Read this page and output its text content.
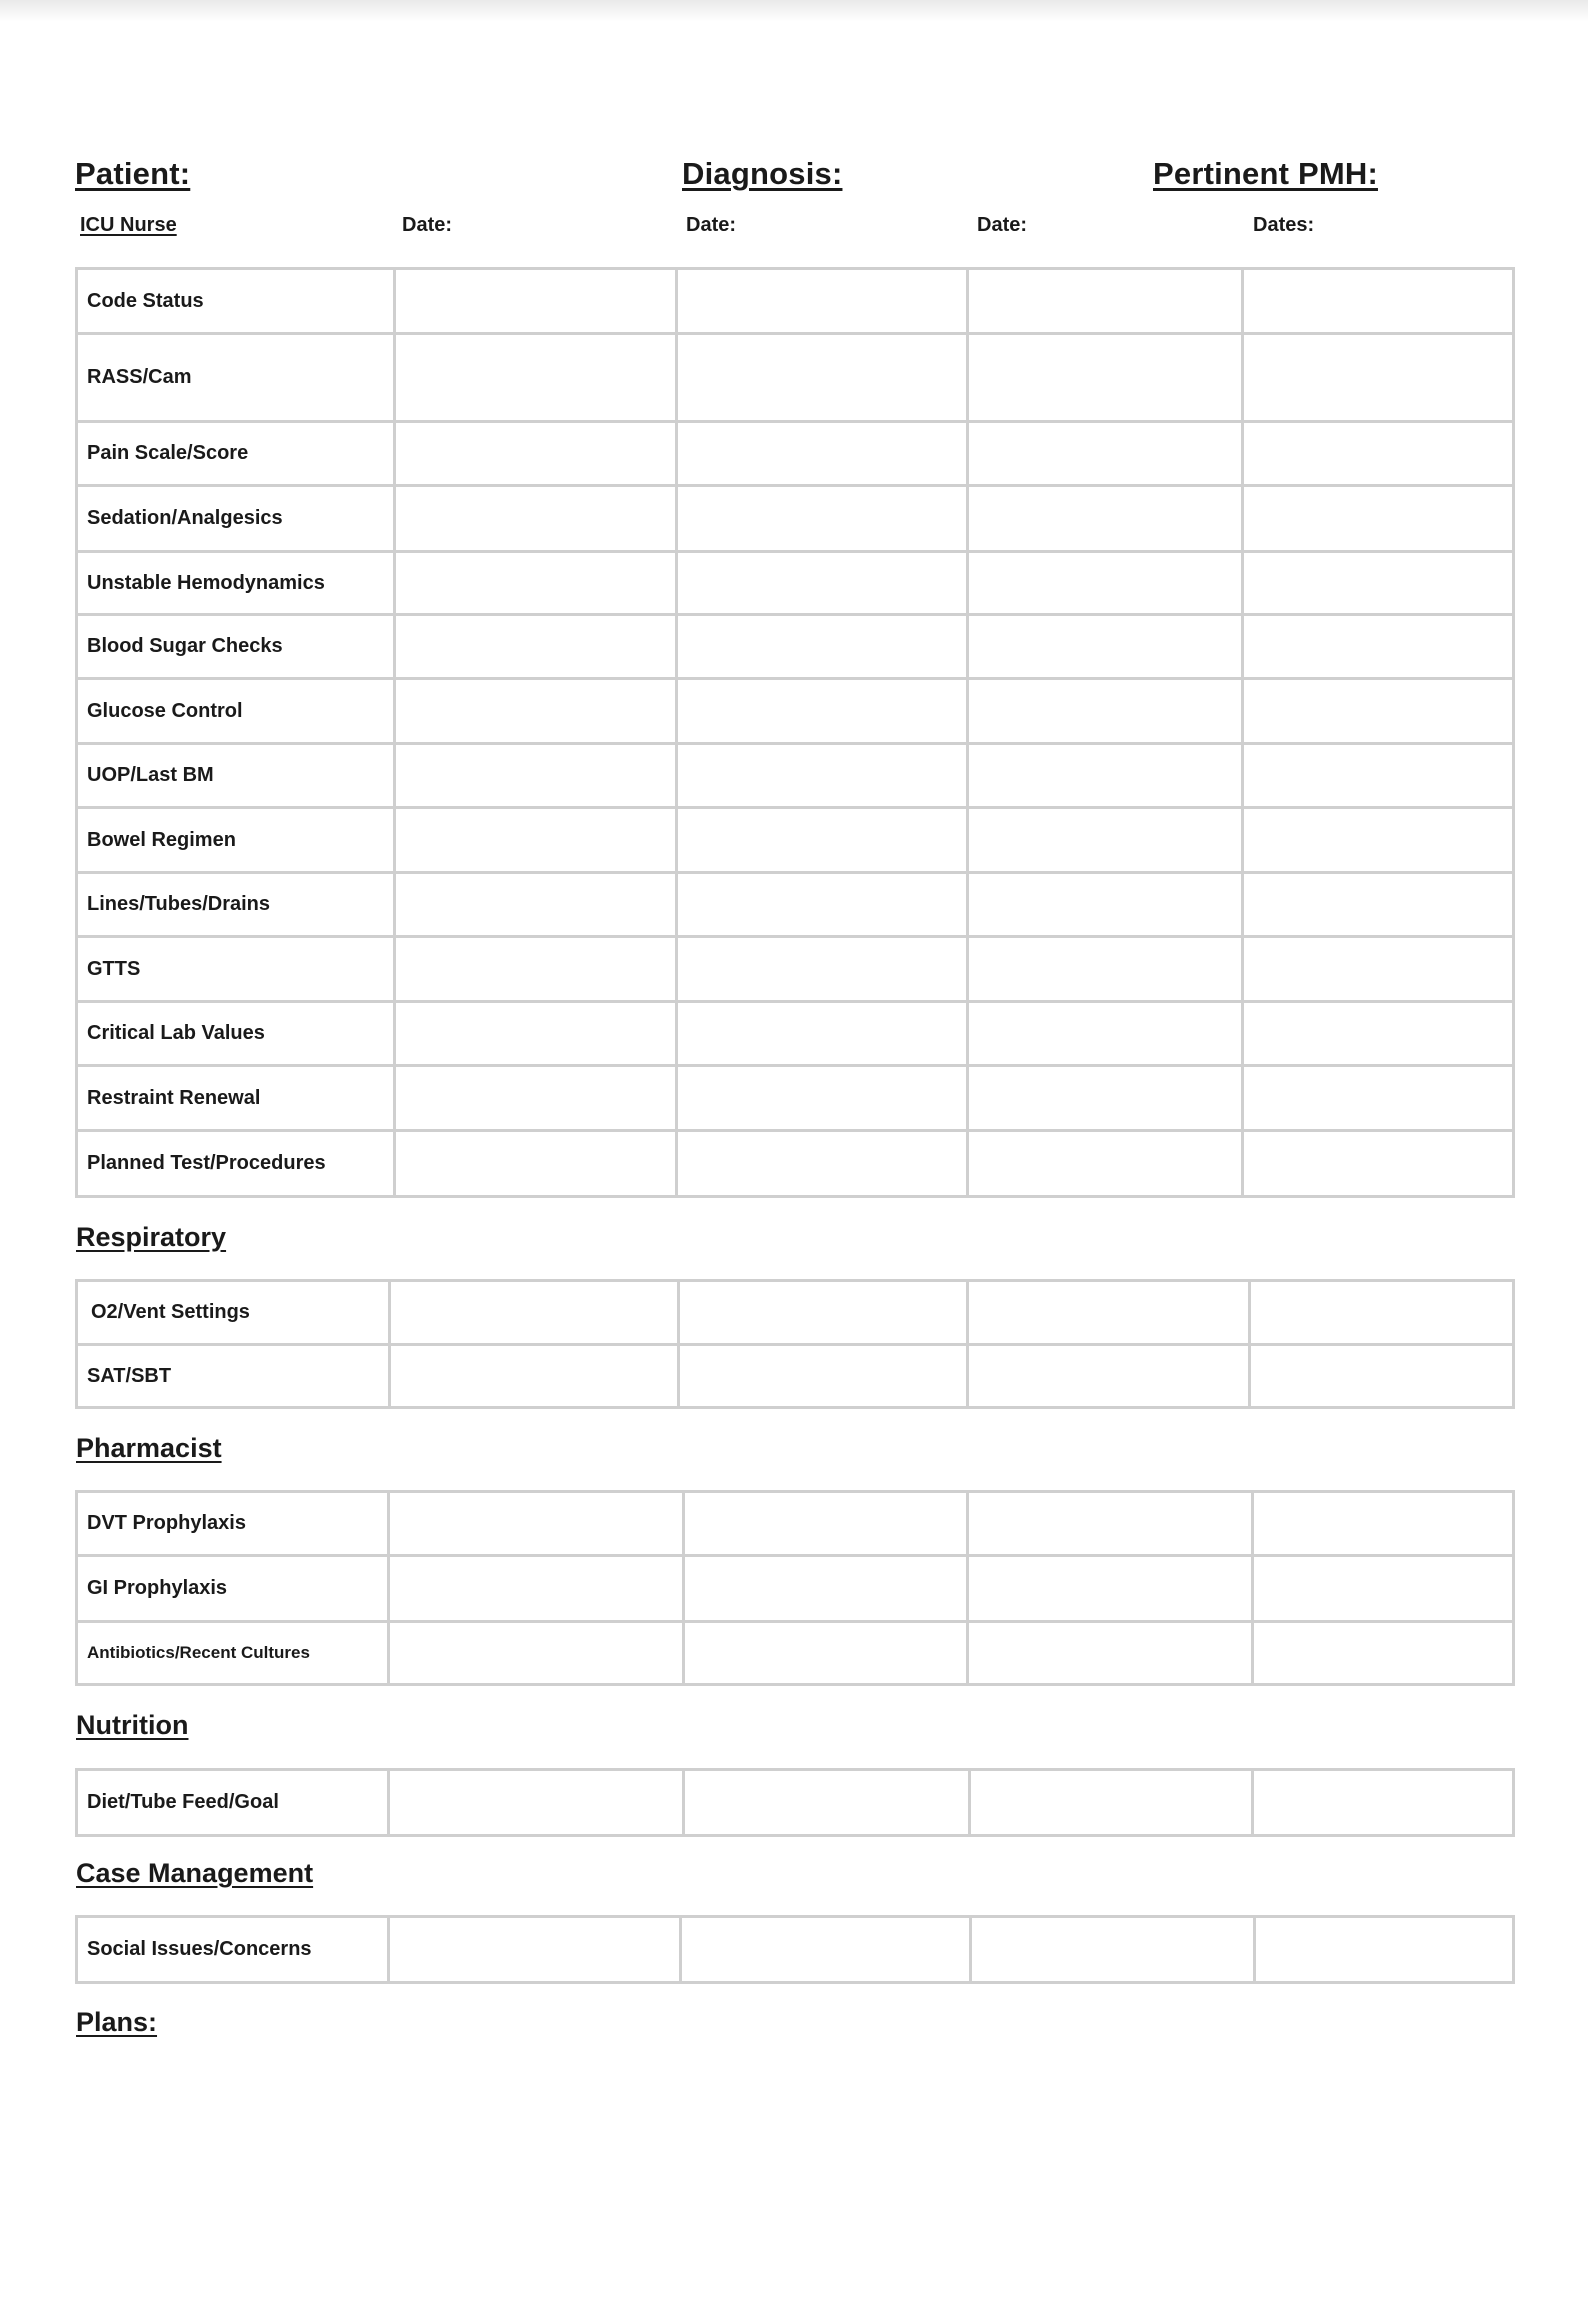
Patient:	Diagnosis:	Pertinent PMH:
ICU Nurse	Date:	Date:	Date:	Dates:
Code Status				
RASS/Cam				
Pain Scale/Score				
Sedation/Analgesics				
Unstable Hemodynamics				
Blood Sugar Checks				
Glucose Control				
UOP/Last BM				
Bowel Regimen				
Lines/Tubes/Drains				
GTTS				
Critical Lab Values				
Restraint Renewal				
Planned Test/Procedures				
Respiratory
O2/Vent Settings				
SAT/SBT				
Pharmacist
DVT Prophylaxis				
GI Prophylaxis				
Antibiotics/Recent Cultures				
Nutrition
Diet/Tube Feed/Goal				
Case Management
Social Issues/Concerns				
Plans:
